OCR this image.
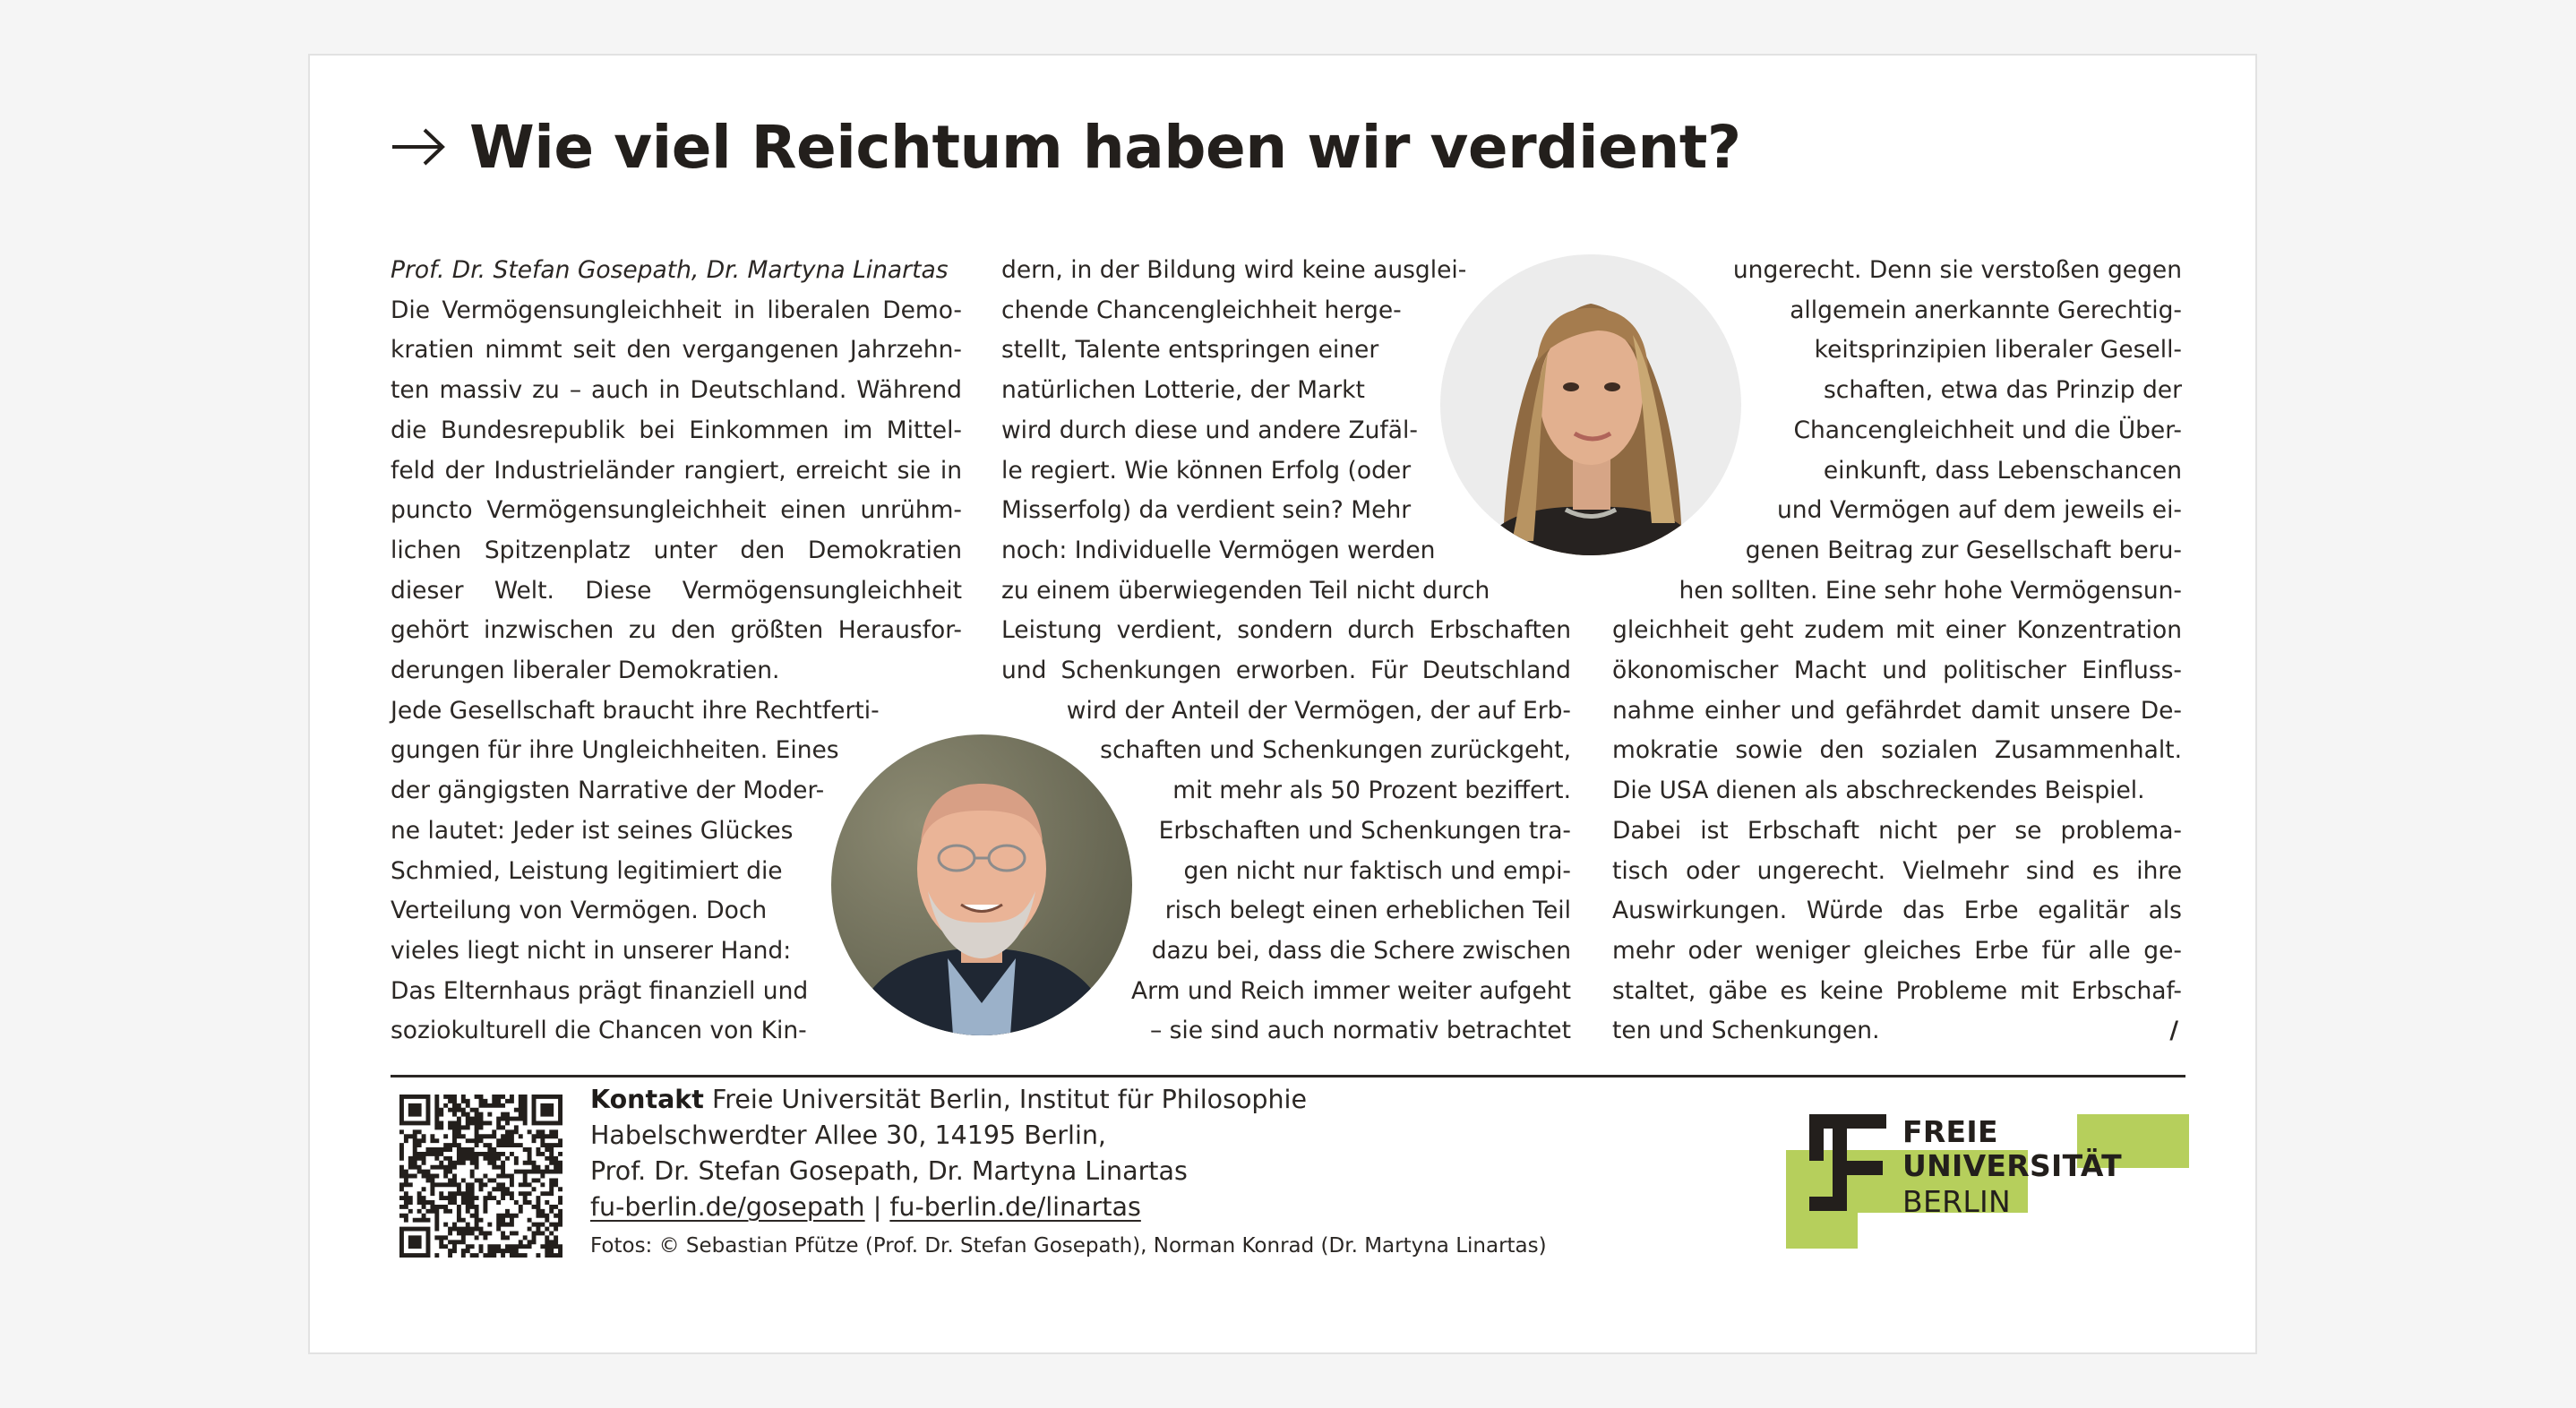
Wie viel Reichtum haben wir verdient?
Prof. Dr. Stefan Gosepath, Dr. Martyna Linartas
Die Vermögensungleichheit in liberalen Demo-
kratien nimmt seit den vergangenen Jahrzehn-
ten massiv zu – auch in Deutschland. Während
die Bundesrepublik bei Einkommen im Mittel-
feld der Industrieländer rangiert, erreicht sie in
puncto Vermögensungleichheit einen unrühm-
lichen Spitzenplatz unter den Demokratien
dieser Welt. Diese Vermögensungleichheit
gehört inzwischen zu den größten Herausfor-
derungen liberaler Demokratien.
Jede Gesellschaft braucht ihre Rechtferti-
gungen für ihre Ungleichheiten. Eines
der gängigsten Narrative der Moder-
ne lautet: Jeder ist seines Glückes
Schmied, Leistung legitimiert die
Verteilung von Vermögen. Doch
vieles liegt nicht in unserer Hand:
Das Elternhaus prägt finanziell und
soziokulturell die Chancen von Kin-
dern, in der Bildung wird keine ausglei-
chende Chancengleichheit herge-
stellt, Talente entspringen einer
natürlichen Lotterie, der Markt
wird durch diese und andere Zufäl-
le regiert. Wie können Erfolg (oder
Misserfolg) da verdient sein? Mehr
noch: Individuelle Vermögen werden
zu einem überwiegenden Teil nicht durch
Leistung verdient, sondern durch Erbschaften
und Schenkungen erworben. Für Deutschland
wird der Anteil der Vermögen, der auf Erb-
schaften und Schenkungen zurückgeht,
mit mehr als 50 Prozent beziffert.
Erbschaften und Schenkungen tra-
gen nicht nur faktisch und empi-
risch belegt einen erheblichen Teil
dazu bei, dass die Schere zwischen
Arm und Reich immer weiter aufgeht
– sie sind auch normativ betrachtet
ungerecht. Denn sie verstoßen gegen
allgemein anerkannte Gerechtig-
keitsprinzipien liberaler Gesell-
schaften, etwa das Prinzip der
Chancengleichheit und die Über-
einkunft, dass Lebenschancen
und Vermögen auf dem jeweils ei-
genen Beitrag zur Gesellschaft beru-
hen sollten. Eine sehr hohe Vermögensun-
gleichheit geht zudem mit einer Konzentration
ökonomischer Macht und politischer Einfluss-
nahme einher und gefährdet damit unsere De-
mokratie sowie den sozialen Zusammenhalt.
Die USA dienen als abschreckendes Beispiel.
Dabei ist Erbschaft nicht per se problema-
tisch oder ungerecht. Vielmehr sind es ihre
Auswirkungen. Würde das Erbe egalitär als
mehr oder weniger gleiches Erbe für alle ge-
staltet, gäbe es keine Probleme mit Erbschaf-
ten und Schenkungen.	/
Kontakt Freie Universität Berlin, Institut für Philosophie
Habelschwerdter Allee 30, 14195 Berlin,
Prof. Dr. Stefan Gosepath, Dr. Martyna Linartas
fu-berlin.de/gosepath | fu-berlin.de/linartas
Fotos: © Sebastian Pfütze (Prof. Dr. Stefan Gosepath), Norman Konrad (Dr. Martyna Linartas)
FREIE
UNIVERSITÄT
BERLIN
